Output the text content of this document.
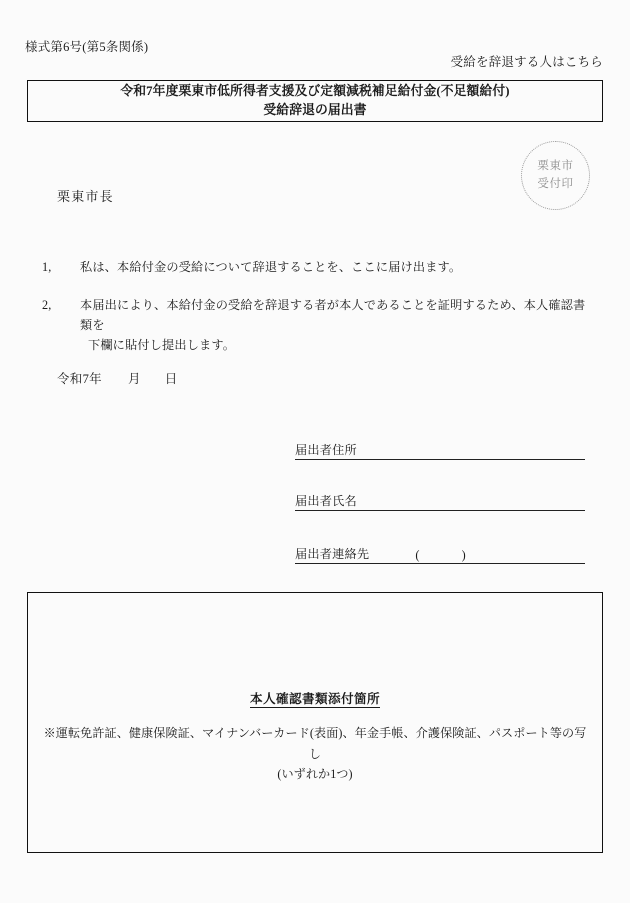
様式第6号(第5条関係)
受給を辞退する人はこちら
令和7年度栗東市低所得者支援及び定額減税補足給付金(不足額給付)
受給辞退の届出書
栗東市
受付印
栗東市長
1,	私は、本給付金の受給について辞退することを、ここに届け出ます。
2,	本届出により、本給付金の受給を辞退する者が本人であることを証明するため、本人確認書類を
下欄に貼付し提出します。
令和7年 月 日
届出者住所
届出者氏名
届出者連絡先	(	)
本人確認書類添付箇所
※運転免許証、健康保険証、マイナンバーカード(表面)、年金手帳、介護保険証、パスポート等の写し
(いずれか1つ)
